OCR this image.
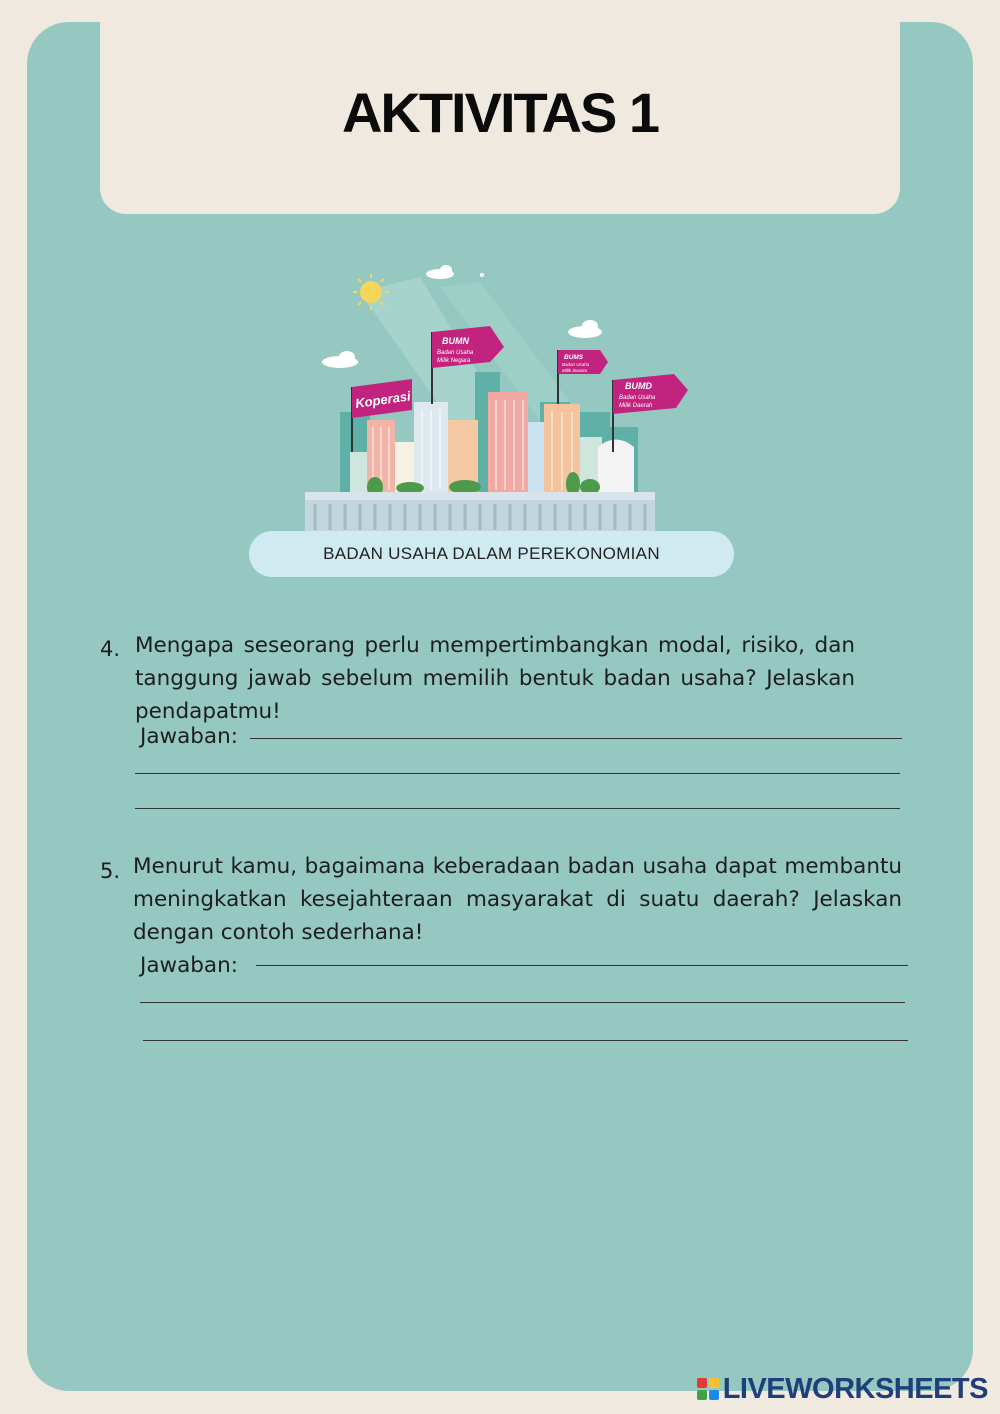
AKTIVITAS 1
Koperasi
BUMN
Badan Usaha
Milik Negara	BUMS
Badan Usaha
Milik Swasta
BUMD
Badan Usaha
Milik Daerah
BADAN USAHA DALAM PEREKONOMIAN
4. Mengapa seseorang perlu mempertimbangkan modal, risiko, dan tanggung jawab sebelum memilih bentuk badan usaha? Jelaskan pendapatmu!
Jawaban:
5. Menurut kamu, bagaimana keberadaan badan usaha dapat membantu meningkatkan kesejahteraan masyarakat di suatu daerah? Jelaskan dengan contoh sederhana!
Jawaban:
LIVEWORKSHEETS
